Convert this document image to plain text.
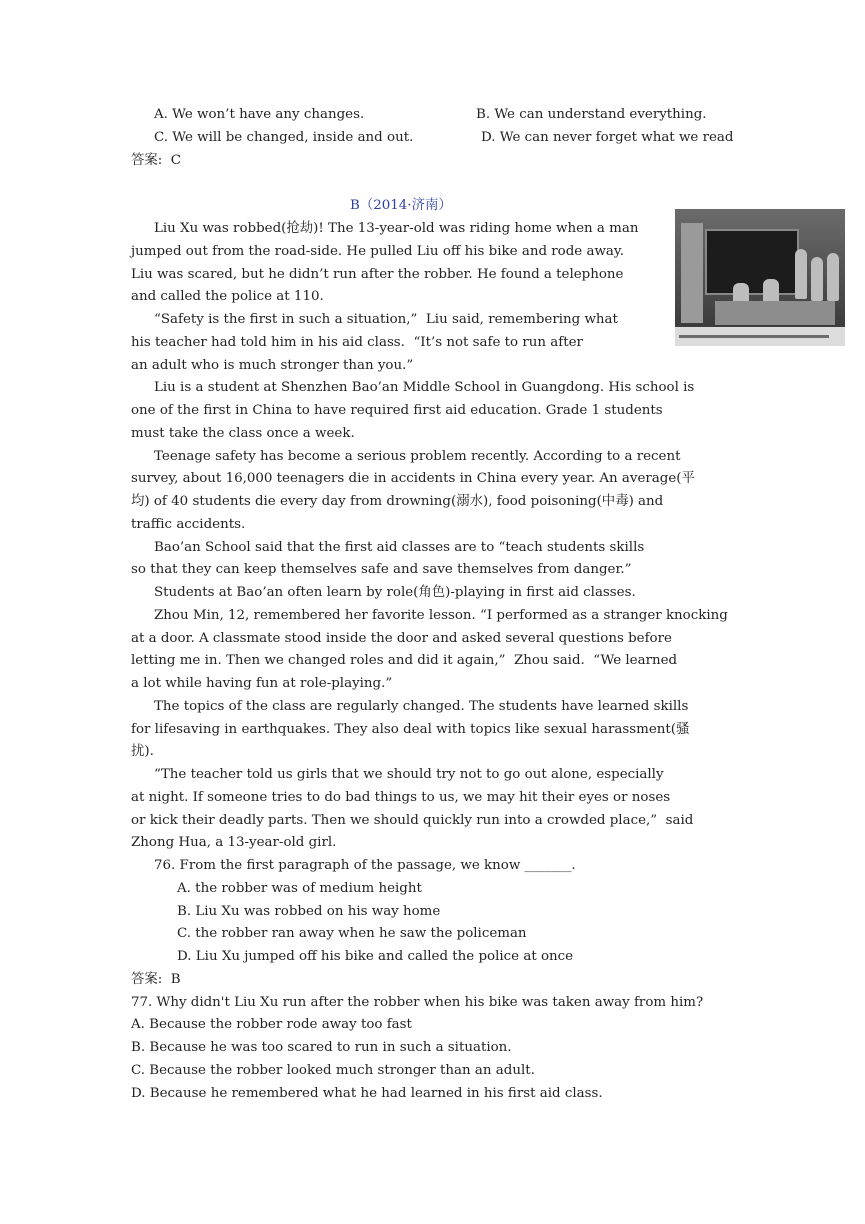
A. We won’t have any changes.	B. We can understand everything.
C. We will be changed, inside and out.	D. We can never forget what we read
答案:  C
B（2014·济南）
Liu Xu was robbed(抢劫)! The 13-year-old was riding home when a man
jumped out from the road-side. He pulled Liu off his bike and rode away.
Liu was scared, but he didn’t run after the robber. He found a telephone
and called the police at 110.
“Safety is the first in such a situation,”  Liu said, remembering what
his teacher had told him in his aid class.  “It’s not safe to run after
an adult who is much stronger than you.”
Liu is a student at Shenzhen Bao’an Middle School in Guangdong. His school is
one of the first in China to have required first aid education. Grade 1 students
must take the class once a week.
Teenage safety has become a serious problem recently. According to a recent
survey, about 16,000 teenagers die in accidents in China every year. An average(平
均) of 40 students die every day from drowning(溺水), food poisoning(中毒) and
traffic accidents.
Bao’an School said that the first aid classes are to “teach students skills
so that they can keep themselves safe and save themselves from danger.”
Students at Bao’an often learn by role(角色)-playing in first aid classes.
Zhou Min, 12, remembered her favorite lesson. “I performed as a stranger knocking
at a door. A classmate stood inside the door and asked several questions before
letting me in. Then we changed roles and did it again,”  Zhou said.  “We learned
a lot while having fun at role-playing.”
The topics of the class are regularly changed. The students have learned skills
for lifesaving in earthquakes. They also deal with topics like sexual harassment(骚
扰).
“The teacher told us girls that we should try not to go out alone, especially
at night. If someone tries to do bad things to us, we may hit their eyes or noses
or kick their deadly parts. Then we should quickly run into a crowded place,”  said
Zhong Hua, a 13-year-old girl.
76. From the first paragraph of the passage, we know _______.
A. the robber was of medium height
B. Liu Xu was robbed on his way home
C. the robber ran away when he saw the policeman
D. Liu Xu jumped off his bike and called the police at once
答案:  B
77. Why didn't Liu Xu run after the robber when his bike was taken away from him?
A. Because the robber rode away too fast
B. Because he was too scared to run in such a situation.
C. Because the robber looked much stronger than an adult.
D. Because he remembered what he had learned in his first aid class.
